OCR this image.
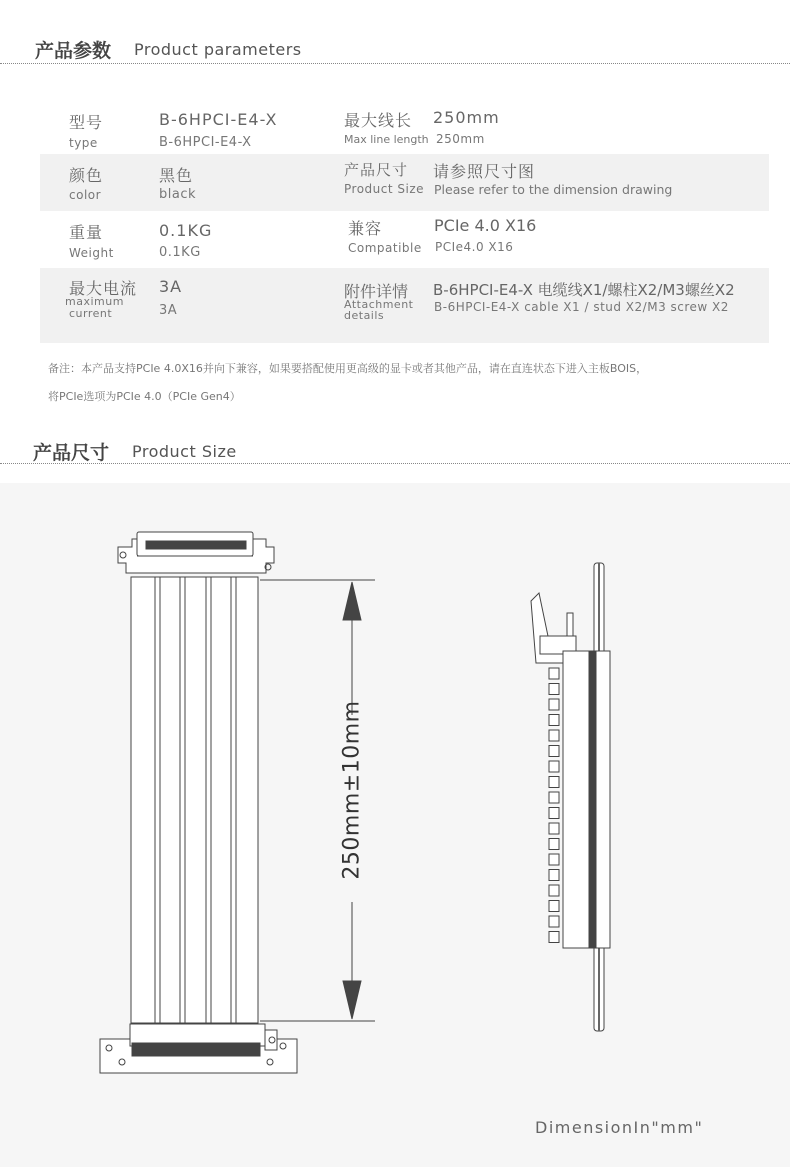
产品参数 Product parameters
型号
type
B-6HPCI-E4-X
B-6HPCI-E4-X
最大线长 250mm
Max line length 250mm
颜色
color
黑色
black
产品尺寸 请参照尺寸图
Product Size Please refer to the dimension drawing
重量
Weight
0.1KG
0.1KG
兼容	PCIe 4.0 X16
Compatible PCIe4.0 X16
最大电流
maximum
current
3A
3A
附件详情 B-6HPCI-E4-X 电缆线X1/螺柱X2/M3螺丝X2
Attachment
details
B-6HPCI-E4-X cable X1 / stud X2/M3 screw X2
备注：本产品支持PCIe 4.0X16并向下兼容，如果要搭配使用更高级的显卡或者其他产品，请在直连状态下进入主板BOIS，
将PCIe选项为PCIe 4.0（PCIe Gen4）
产品尺寸 Product Size
250mm±10mm
DimensionIn"mm"
